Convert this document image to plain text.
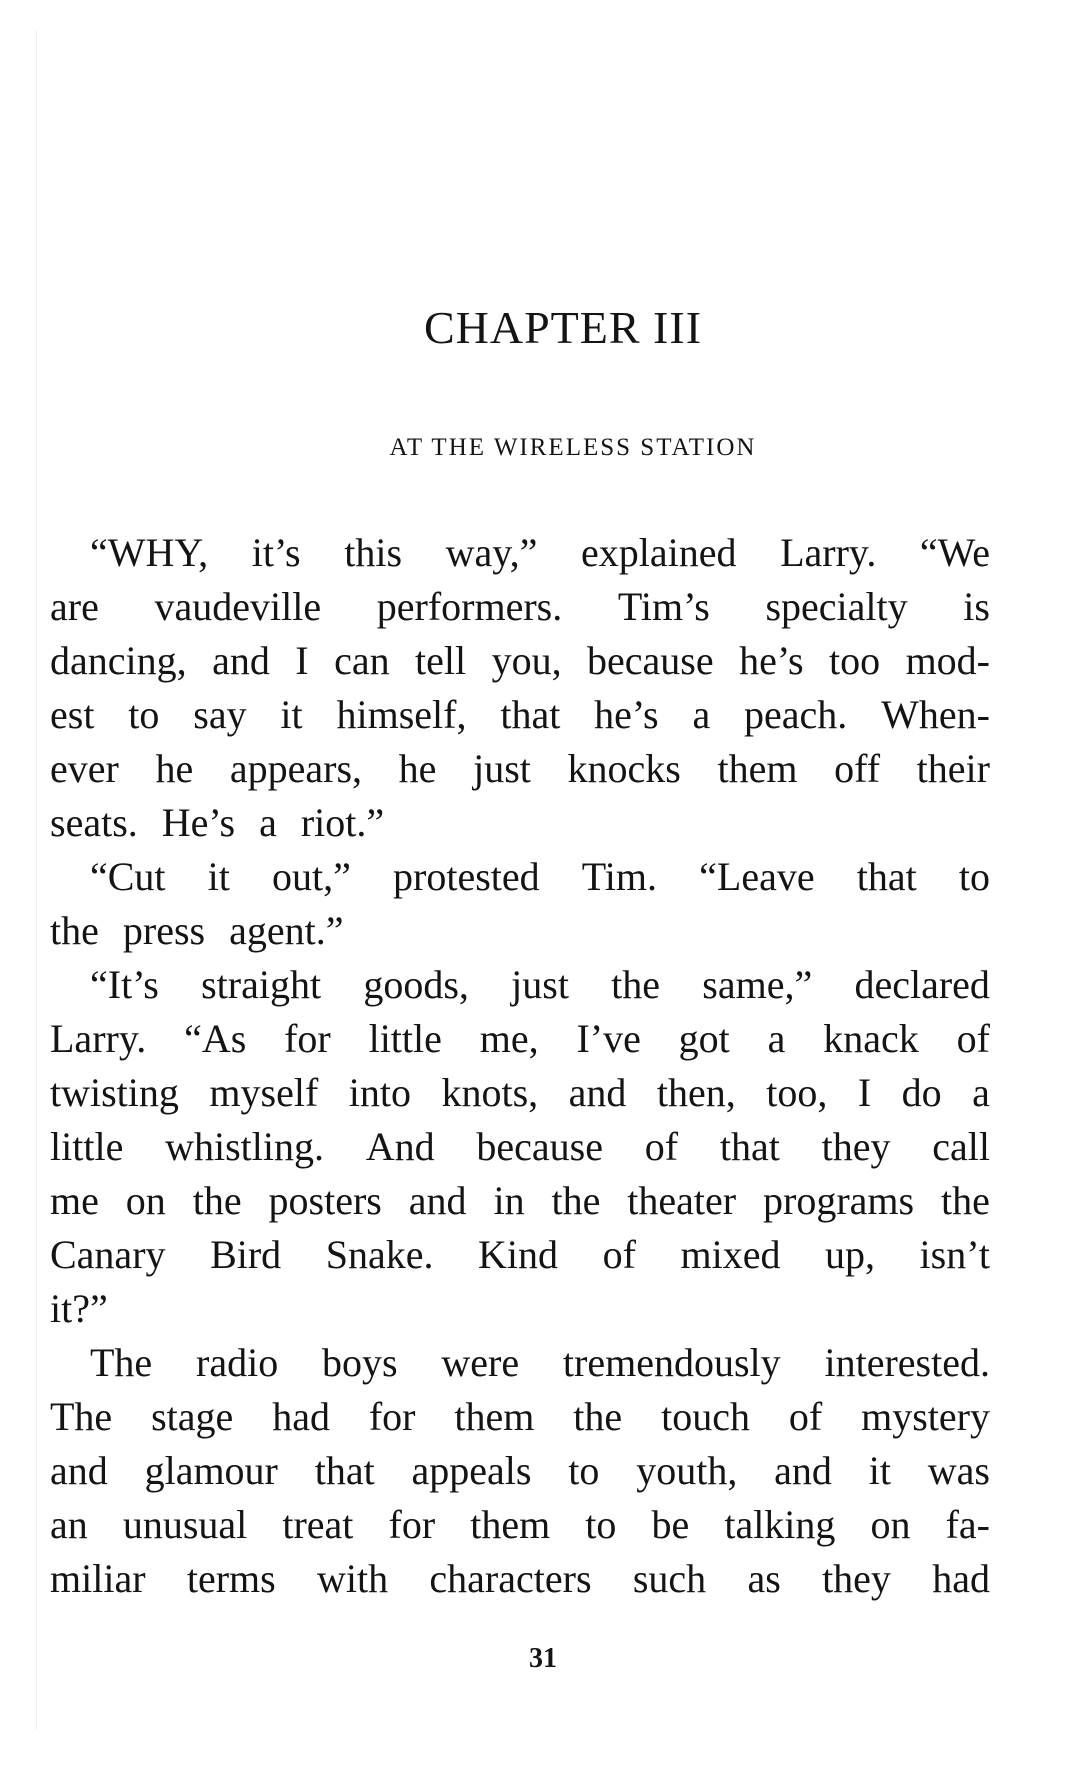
CHAPTER III
AT THE WIRELESS STATION
“WHY, it’s this way,” explained Larry. “We
are vaudeville performers. Tim’s specialty is
dancing, and I can tell you, because he’s too mod-
est to say it himself, that he’s a peach. When-
ever he appears, he just knocks them off their
seats. He’s a riot.”
“Cut it out,” protested Tim. “Leave that to
the press agent.”
“It’s straight goods, just the same,” declared
Larry. “As for little me, I’ve got a knack of
twisting myself into knots, and then, too, I do a
little whistling. And because of that they call
me on the posters and in the theater programs the
Canary Bird Snake. Kind of mixed up, isn’t
it?”
The radio boys were tremendously interested.
The stage had for them the touch of mystery
and glamour that appeals to youth, and it was
an unusual treat for them to be talking on fa-
miliar terms with characters such as they had
31
